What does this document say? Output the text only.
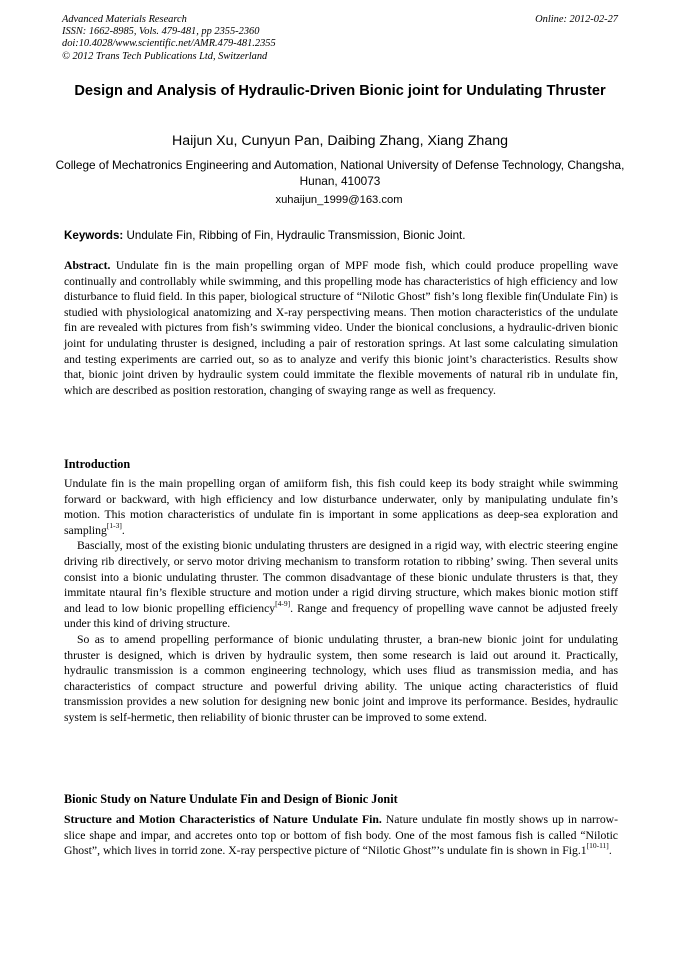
Advanced Materials Research
ISSN: 1662-8985, Vols. 479-481, pp 2355-2360
doi:10.4028/www.scientific.net/AMR.479-481.2355
© 2012 Trans Tech Publications Ltd, Switzerland
Online: 2012-02-27
Design and Analysis of Hydraulic-Driven Bionic joint for Undulating Thruster
Haijun Xu, Cunyun Pan, Daibing Zhang, Xiang Zhang
College of Mechatronics Engineering and Automation, National University of Defense Technology, Changsha, Hunan, 410073
xuhaijun_1999@163.com
Keywords: Undulate Fin, Ribbing of Fin, Hydraulic Transmission, Bionic Joint.

Abstract. Undulate fin is the main propelling organ of MPF mode fish, which could produce propelling wave continually and controllably while swimming, and this propelling mode has characteristics of high efficiency and low disturbance to fluid field. In this paper, biological structure of “Nilotic Ghost” fish’s long flexible fin(Undulate Fin) is studied with physiological anatomizing and X-ray perspectiving means. Then motion characteristics of the undulate fin are revealed with pictures from fish’s swimming video. Under the bionical conclusions, a hydraulic-driven bionic joint for undulating thruster is designed, including a pair of restoration springs. At last some calculating simulation and testing experiments are carried out, so as to analyze and verify this bionic joint’s characteristics. Results show that, bionic joint driven by hydraulic system could immitate the flexible movements of natural rib in undulate fin, which are described as position restoration, changing of swaying range as well as frequency.

Introduction

Undulate fin is the main propelling organ of amiiform fish, this fish could keep its body straight while swimming forward or backward, with high efficiency and low disturbance underwater, only by manipulating undulate fin’s motion. This motion characteristics of undulate fin is important in some applications as deep-sea exploration and sampling[1-3].

Bascially, most of the existing bionic undulating thrusters are designed in a rigid way, with electric steering engine driving rib directively, or servo motor driving mechanism to transform rotation to ribbing’ swing. Then several units consist into a bionic undulating thruster. The common disadvantage of these bionic undulate thrusters is that, they immitate ntaural fin’s flexible structure and motion under a rigid dirving structure, which makes bionic motion stiff and lead to low bionic propelling efficiency[4-9]. Range and frequency of propelling wave cannot be adjusted freely under this kind of driving structure.

So as to amend propelling performance of bionic undulating thruster, a bran-new bionic joint for undulating thruster is designed, which is driven by hydraulic system, then some research is laid out around it. Practically, hydraulic transmission is a common engineering technology, which uses fliud as transmission media, and has characteristics of compact structure and powerful driving ability. The unique acting characteristics of fluid transmission provides a new solution for designing new bonic joint and improve its performance. Besides, hydraulic system is self-hermetic, then reliability of bionic thruster can be improved to some extend.

Bionic Study on Nature Undulate Fin and Design of Bionic Jonit

Structure and Motion Characteristics of Nature Undulate Fin. Nature undulate fin mostly shows up in narrow-slice shape and impar, and accretes onto top or bottom of fish body. One of the most famous fish is called “Nilotic Ghost”, which lives in torrid zone. X-ray perspective picture of “Nilotic Ghost”’s undulate fin is shown in Fig.1[10-11].
